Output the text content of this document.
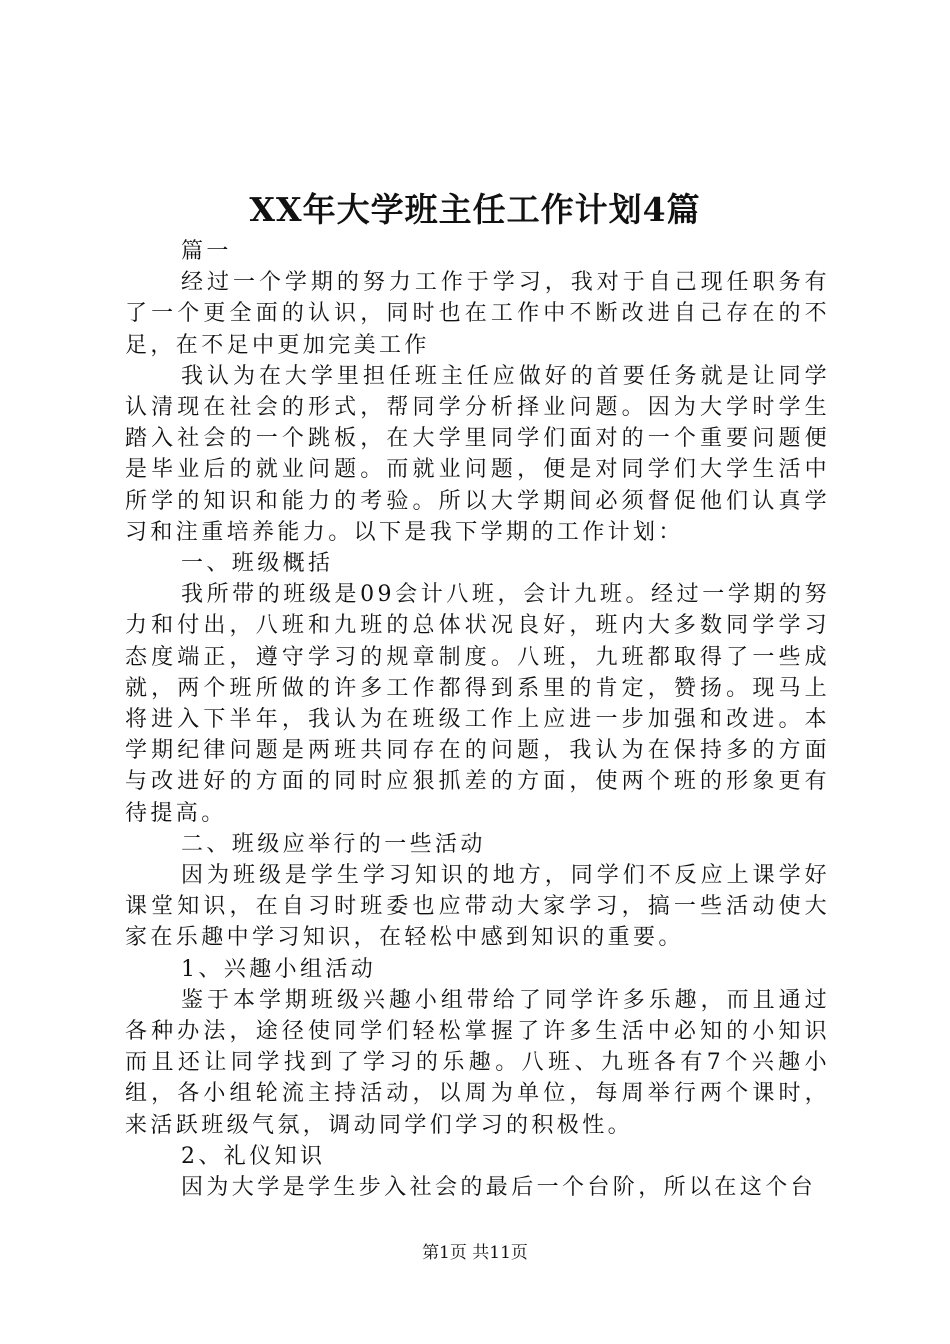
XX年大学班主任工作计划4篇

篇一

经过一个学期的努力工作于学习，我对于自己现任职务有了一个更全面的认识，同时也在工作中不断改进自己存在的不足，在不足中更加完美工作

我认为在大学里担任班主任应做好的首要任务就是让同学认清现在社会的形式，帮同学分析择业问题。因为大学时学生踏入社会的一个跳板，在大学里同学们面对的一个重要问题便是毕业后的就业问题。而就业问题，便是对同学们大学生活中所学的知识和能力的考验。所以大学期间必须督促他们认真学习和注重培养能力。以下是我下学期的工作计划：

一、班级概括

我所带的班级是09会计八班，会计九班。经过一学期的努力和付出，八班和九班的总体状况良好，班内大多数同学学习态度端正，遵守学习的规章制度。八班，九班都取得了一些成就，两个班所做的许多工作都得到系里的肯定，赞扬。现马上将进入下半年，我认为在班级工作上应进一步加强和改进。本学期纪律问题是两班共同存在的问题，我认为在保持多的方面与改进好的方面的同时应狠抓差的方面，使两个班的形象更有待提高。

二、班级应举行的一些活动

因为班级是学生学习知识的地方，同学们不反应上课学好课堂知识，在自习时班委也应带动大家学习，搞一些活动使大家在乐趣中学习知识，在轻松中感到知识的重要。

1、兴趣小组活动

鉴于本学期班级兴趣小组带给了同学许多乐趣，而且通过各种办法，途径使同学们轻松掌握了许多生活中必知的小知识而且还让同学找到了学习的乐趣。八班、九班各有7个兴趣小组，各小组轮流主持活动，以周为单位，每周举行两个课时，来活跃班级气氛，调动同学们学习的积极性。

2、礼仪知识

因为大学是学生步入社会的最后一个台阶，所以在这个台

第1页 共11页
